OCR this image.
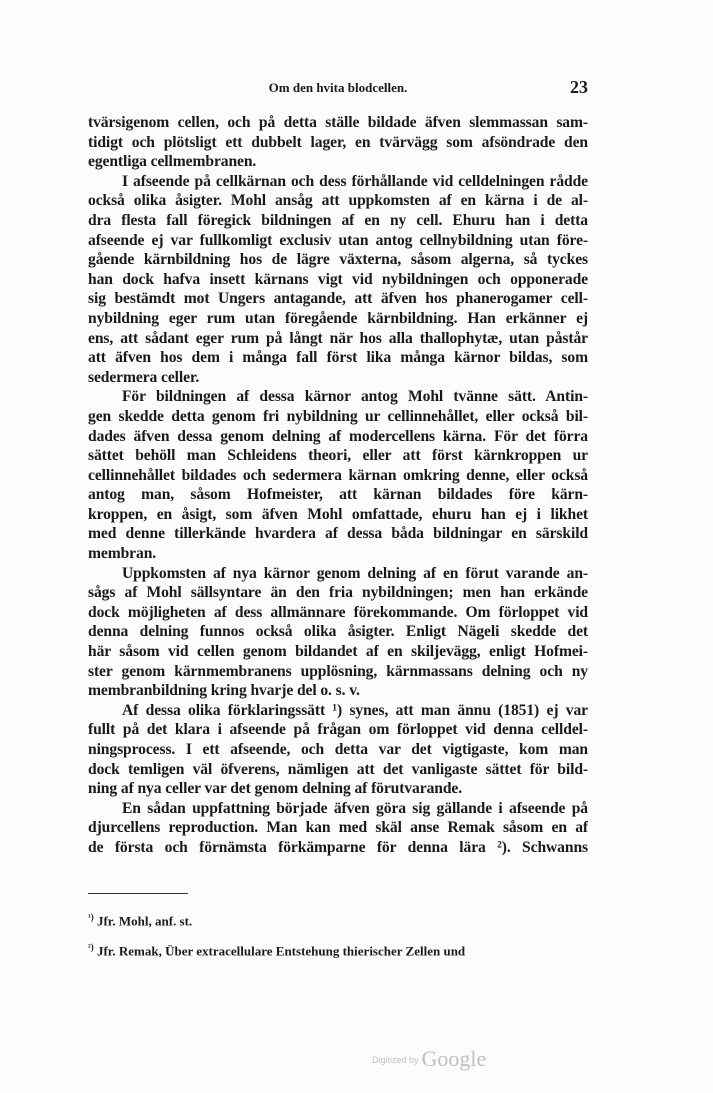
Om den hvita blodcellen.	23
tvärsigenom cellen, och på detta ställe bildade äfven slemmassan sam-
tidigt och plötsligt ett dubbelt lager, en tvärvägg som afsöndrade den
egentliga cellmembranen.
I afseende på cellkärnan och dess förhållande vid celldelningen rådde
också olika åsigter. Mohl ansåg att uppkomsten af en kärna i de al-
dra flesta fall föregick bildningen af en ny cell. Ehuru han i detta
afseende ej var fullkomligt exclusiv utan antog cellnybildning utan före-
gående kärnbildning hos de lägre växterna, såsom algerna, så tyckes
han dock hafva insett kärnans vigt vid nybildningen och opponerade
sig bestämdt mot Ungers antagande, att äfven hos phanerogamer cell-
nybildning eger rum utan föregående kärnbildning. Han erkänner ej
ens, att sådant eger rum på långt när hos alla thallophytæ, utan påstår
att äfven hos dem i många fall först lika många kärnor bildas, som
sedermera celler.
För bildningen af dessa kärnor antog Mohl tvänne sätt. Antin-
gen skedde detta genom fri nybildning ur cellinnehållet, eller också bil-
dades äfven dessa genom delning af modercellens kärna. För det förra
sättet behöll man Schleidens theori, eller att först kärnkroppen ur
cellinnehållet bildades och sedermera kärnan omkring denne, eller också
antog man, såsom Hofmeister, att kärnan bildades före kärn-
kroppen, en åsigt, som äfven Mohl omfattade, ehuru han ej i likhet
med denne tillerkände hvardera af dessa båda bildningar en särskild
membran.
Uppkomsten af nya kärnor genom delning af en förut varande an-
sågs af Mohl sällsyntare än den fria nybildningen; men han erkände
dock möjligheten af dess allmännare förekommande. Om förloppet vid
denna delning funnos också olika åsigter. Enligt Nägeli skedde det
här såsom vid cellen genom bildandet af en skiljevägg, enligt Hofmei-
ster genom kärnmembranens upplösning, kärnmassans delning och ny
membranbildning kring hvarje del o. s. v.
Af dessa olika förklaringssätt ¹) synes, att man ännu (1851) ej var
fullt på det klara i afseende på frågan om förloppet vid denna celldel-
ningsprocess. I ett afseende, och detta var det vigtigaste, kom man
dock temligen väl öfverens, nämligen att det vanligaste sättet för bild-
ning af nya celler var det genom delning af förutvarande.
En sådan uppfattning började äfven göra sig gällande i afseende på
djurcellens reproduction. Man kan med skäl anse Remak såsom en af
de första och förnämsta förkämparne för denna lära ²). Schwanns
$^{^1)}$ Jfr. Mohl, anf. st.
$^{^2)}$ Jfr. Remak, Über extracellulare Entstehung thierischer Zellen und
Digitized by Google
